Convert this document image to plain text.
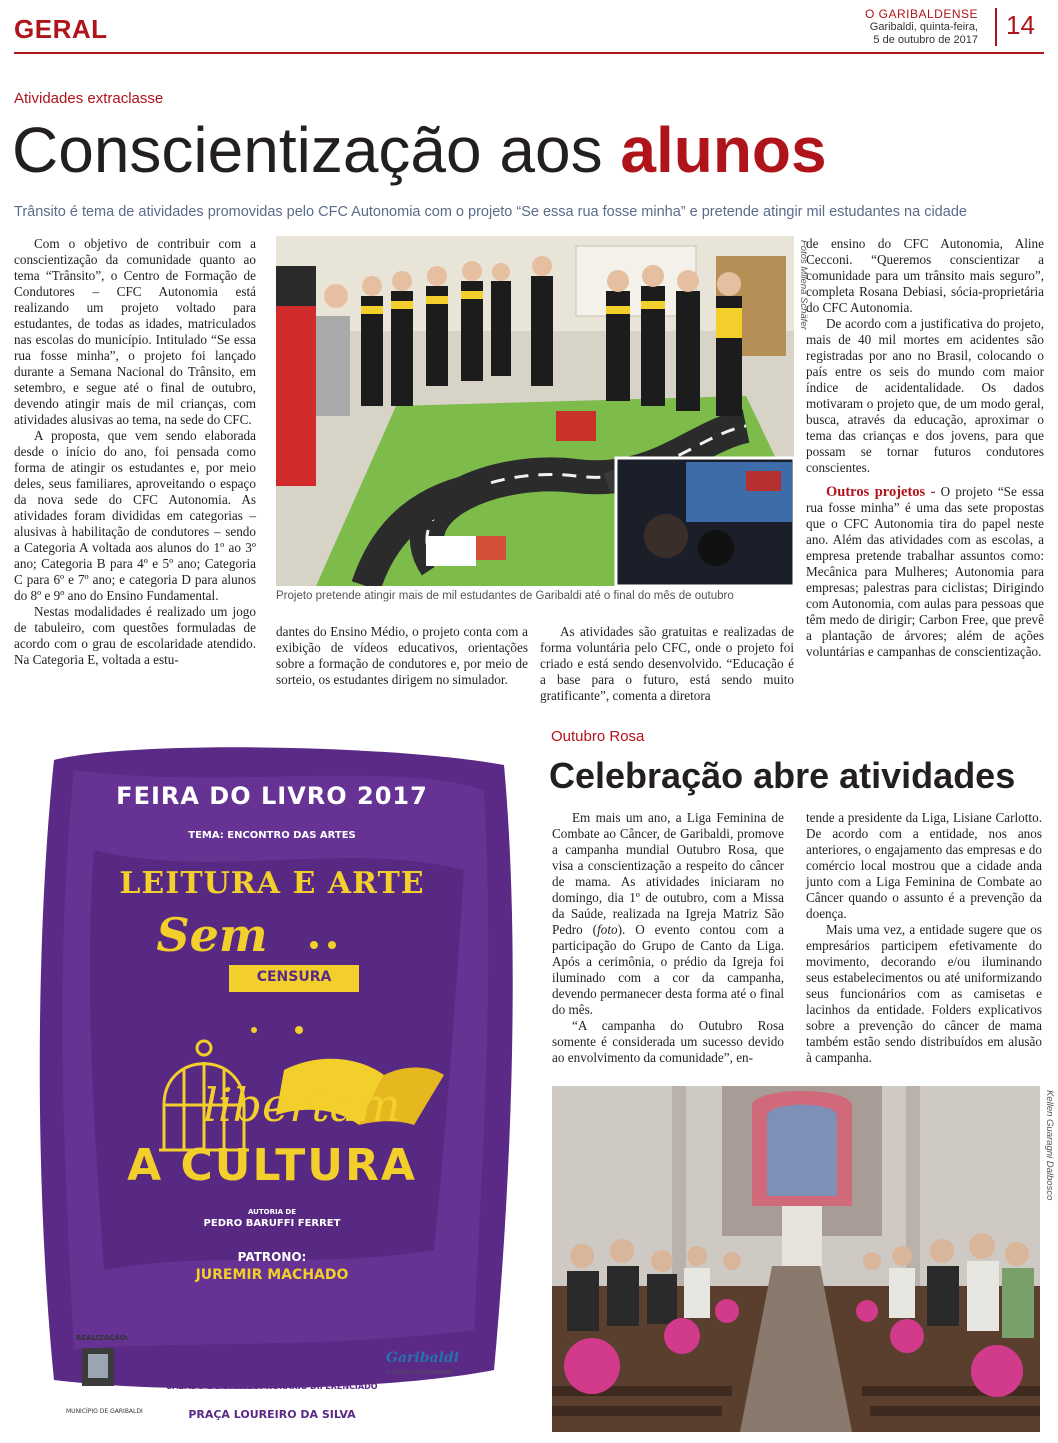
GERAL	O GARIBALDENSE
Garibaldi, quinta-feira,
5 de outubro de 2017 14
Atividades extraclasse
Conscientização aos alunos
Trânsito é tema de atividades promovidas pelo CFC Autonomia com o projeto “Se essa rua fosse minha” e pretende atingir mil estudantes na cidade

Com o objetivo de contribuir com a conscientização da comunidade quanto ao tema “Trânsito”, o Centro de Formação de Condutores – CFC Autonomia está realizando um projeto voltado para estudantes, de todas as idades, matriculados nas escolas do município. Intitulado “Se essa rua fosse minha”, o projeto foi lançado durante a Semana Nacional do Trânsito, em setembro, e segue até o final de outubro, devendo atingir mais de mil crianças, com atividades alusivas ao tema, na sede do CFC.

A proposta, que vem sendo elaborada desde o início do ano, foi pensada como forma de atingir os estudantes e, por meio deles, seus familiares, aproveitando o espaço da nova sede do CFC Autonomia. As atividades foram divididas em categorias – alusivas à habilitação de condutores – sendo a Categoria A voltada aos alunos do 1º ao 3º ano; Categoria B para 4º e 5º ano; Categoria C para 6º e 7º ano; e categoria D para alunos do 8º e 9º ano do Ensino Fundamental.

Nestas modalidades é realizado um jogo de tabuleiro, com questões formuladas de acordo com o grau de escolaridade atendido. Na Categoria E, voltada a estu-

Fotos Milena Schäfer
Projeto pretende atingir mais de mil estudantes de Garibaldi até o final do mês de outubro

dantes do Ensino Médio, o projeto conta com a exibição de vídeos educativos, orientações sobre a formação de condutores e, por meio de sorteio, os estudantes dirigem no simulador.

As atividades são gratuitas e realizadas de forma voluntária pelo CFC, onde o projeto foi criado e está sendo desenvolvido. “Educação é a base para o futuro, está sendo muito gratificante”, comenta a diretora

de ensino do CFC Autonomia, Aline Cecconi. “Queremos conscientizar a comunidade para um trânsito mais seguro”, completa Rosana Debiasi, sócia-proprietária do CFC Autonomia.

De acordo com a justificativa do projeto, mais de 40 mil mortes em acidentes são registradas por ano no Brasil, colocando o país entre os seis do mundo com maior índice de acidentalidade. Os dados motivaram o projeto que, de um modo geral, busca, através da educação, aproximar o tema das crianças e dos jovens, para que possam se tornar futuros condutores conscientes.

Outros projetos - O projeto “Se essa rua fosse minha” é uma das sete propostas que o CFC Autonomia tira do papel neste ano. Além das atividades com as escolas, a empresa pretende trabalhar assuntos como: Mecânica para Mulheres; Autonomia para empresas; palestras para ciclistas; Dirigindo com Autonomia, com aulas para pessoas que têm medo de dirigir; Carbon Free, que prevê a plantação de árvores; além de ações voluntárias e campanhas de conscientização.

FEIRA DO LIVRO 2017
TEMA: ENCONTRO DAS ARTES
LEITURA E ARTE
Sem
CENSURA
libertam
A CULTURA
AUTORIA DE
PEDRO BARUFFI FERRET
PATRONO:
JUREMIR MACHADO
REALIZAÇÃO:
MUNICÍPIO DE GARIBALDI
17A22 OUTUBRO
DE TERÇA A SEXTA: 08H30MIN ÀS 20H
SÁBADO E DOMINGO: HORÁRIO DIFERENCIADO
PRAÇA LOUREIRO DA SILVA
Garibaldi
A CAPITAL DO ESPUMANTE
Outubro Rosa
Celebração abre atividades

Em mais um ano, a Liga Feminina de Combate ao Câncer, de Garibaldi, promove a campanha mundial Outubro Rosa, que visa a conscientização a respeito do câncer de mama. As atividades iniciaram no domingo, dia 1º de outubro, com a Missa da Saúde, realizada na Igreja Matriz São Pedro (foto). O evento contou com a participação do Grupo de Canto da Liga. Após a cerimônia, o prédio da Igreja foi iluminado com a cor da campanha, devendo permanecer desta forma até o final do mês.

“A campanha do Outubro Rosa somente é considerada um sucesso devido ao envolvimento da comunidade”, en-

tende a presidente da Liga, Lisiane Carlotto. De acordo com a entidade, nos anos anteriores, o engajamento das empresas e do comércio local mostrou que a cidade anda junto com a Liga Feminina de Combate ao Câncer quando o assunto é a prevenção da doença.

Mais uma vez, a entidade sugere que os empresários participem efetivamente do movimento, decorando e/ou iluminando seus estabelecimentos ou até uniformizando seus funcionários com as camisetas e lacinhos da entidade. Folders explicativos sobre a prevenção do câncer de mama também estão sendo distribuídos em alusão à campanha.

Kellen Guaragni Dalbosco
